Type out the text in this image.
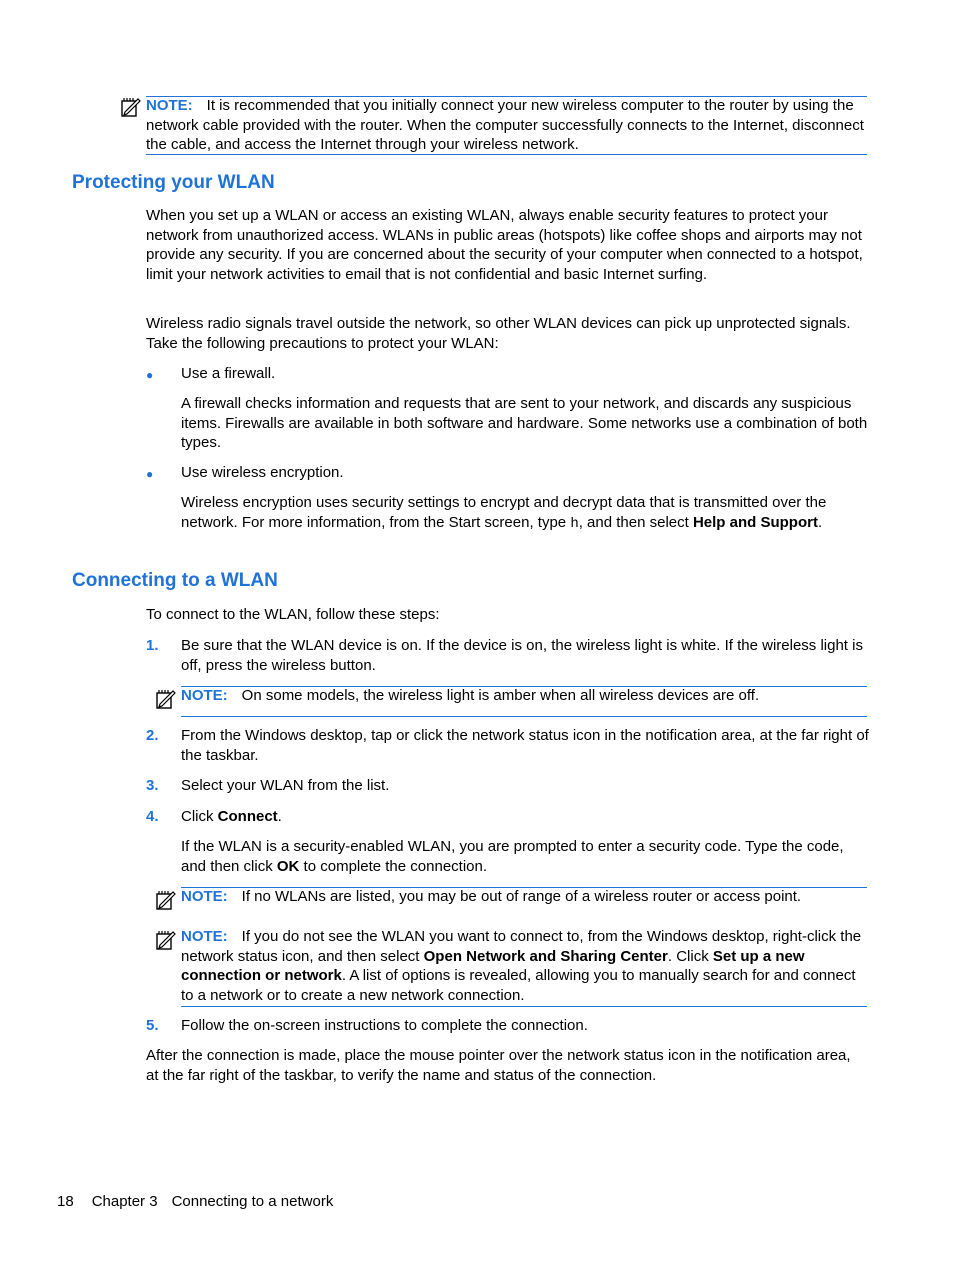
NOTE: It is recommended that you initially connect your new wireless computer to the router by using the network cable provided with the router. When the computer successfully connects to the Internet, disconnect the cable, and access the Internet through your wireless network.

Protecting your WLAN

When you set up a WLAN or access an existing WLAN, always enable security features to protect your network from unauthorized access. WLANs in public areas (hotspots) like coffee shops and airports may not provide any security. If you are concerned about the security of your computer when connected to a hotspot, limit your network activities to email that is not confidential and basic Internet surfing.

Wireless radio signals travel outside the network, so other WLAN devices can pick up unprotected signals. Take the following precautions to protect your WLAN:

● Use a firewall.

A firewall checks information and requests that are sent to your network, and discards any suspicious items. Firewalls are available in both software and hardware. Some networks use a combination of both types.

● Use wireless encryption.

Wireless encryption uses security settings to encrypt and decrypt data that is transmitted over the network. For more information, from the Start screen, type h, and then select Help and Support.

Connecting to a WLAN

To connect to the WLAN, follow these steps:

1. Be sure that the WLAN device is on. If the device is on, the wireless light is white. If the wireless light is off, press the wireless button.

NOTE: On some models, the wireless light is amber when all wireless devices are off.

2. From the Windows desktop, tap or click the network status icon in the notification area, at the far right of the taskbar.

3. Select your WLAN from the list.

4. Click Connect.

If the WLAN is a security-enabled WLAN, you are prompted to enter a security code. Type the code, and then click OK to complete the connection.

NOTE: If no WLANs are listed, you may be out of range of a wireless router or access point.

NOTE: If you do not see the WLAN you want to connect to, from the Windows desktop, right-click the network status icon, and then select Open Network and Sharing Center. Click Set up a new connection or network. A list of options is revealed, allowing you to manually search for and connect to a network or to create a new network connection.

5. Follow the on-screen instructions to complete the connection.

After the connection is made, place the mouse pointer over the network status icon in the notification area, at the far right of the taskbar, to verify the name and status of the connection.

18 Chapter 3 Connecting to a network
